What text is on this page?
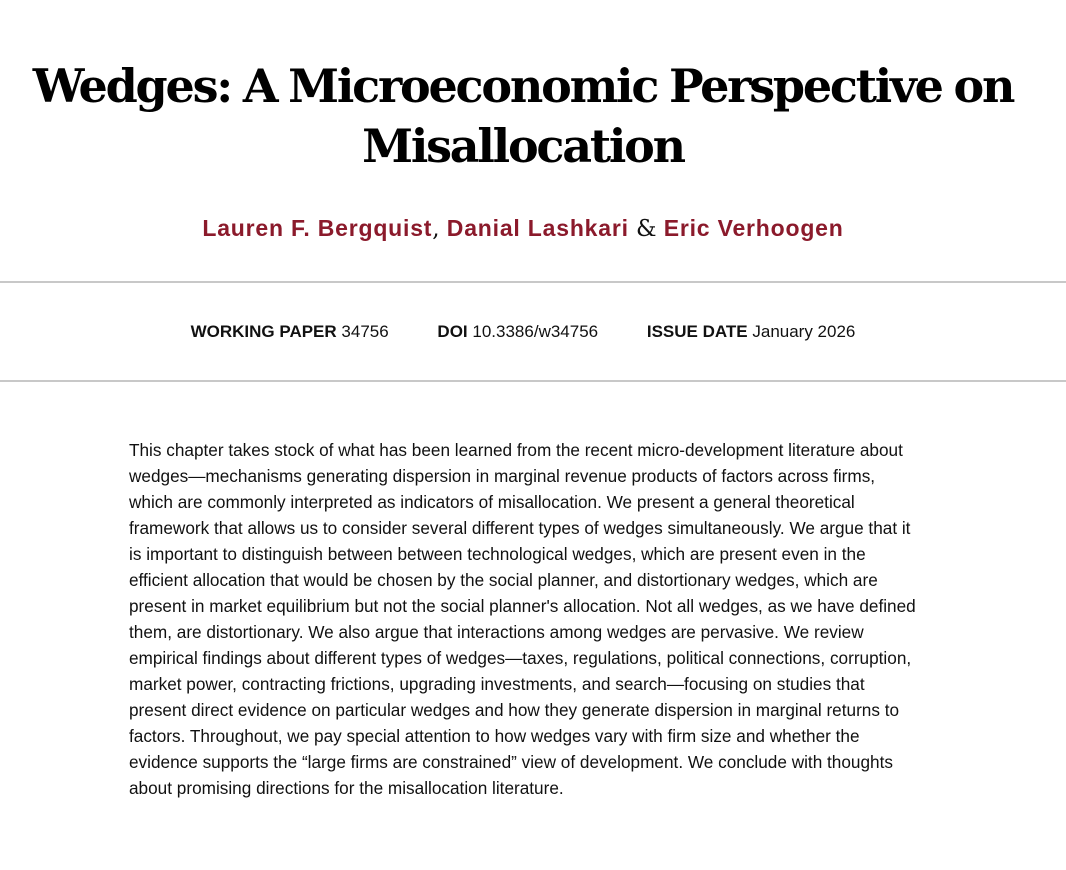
Wedges: A Microeconomic Perspective on Misallocation
Lauren F. Bergquist, Danial Lashkari & Eric Verhoogen
WORKING PAPER 34756	DOI 10.3386/w34756	ISSUE DATE January 2026

This chapter takes stock of what has been learned from the recent micro-development literature about wedges—mechanisms generating dispersion in marginal revenue products of factors across firms, which are commonly interpreted as indicators of misallocation. We present a general theoretical framework that allows us to consider several different types of wedges simultaneously. We argue that it is important to distinguish between between technological wedges, which are present even in the efficient allocation that would be chosen by the social planner, and distortionary wedges, which are present in market equilibrium but not the social planner's allocation. Not all wedges, as we have defined them, are distortionary. We also argue that interactions among wedges are pervasive. We review empirical findings about different types of wedges—taxes, regulations, political connections, corruption, market power, contracting frictions, upgrading investments, and search—focusing on studies that present direct evidence on particular wedges and how they generate dispersion in marginal returns to factors. Throughout, we pay special attention to how wedges vary with firm size and whether the evidence supports the “large firms are constrained” view of development. We conclude with thoughts about promising directions for the misallocation literature.
